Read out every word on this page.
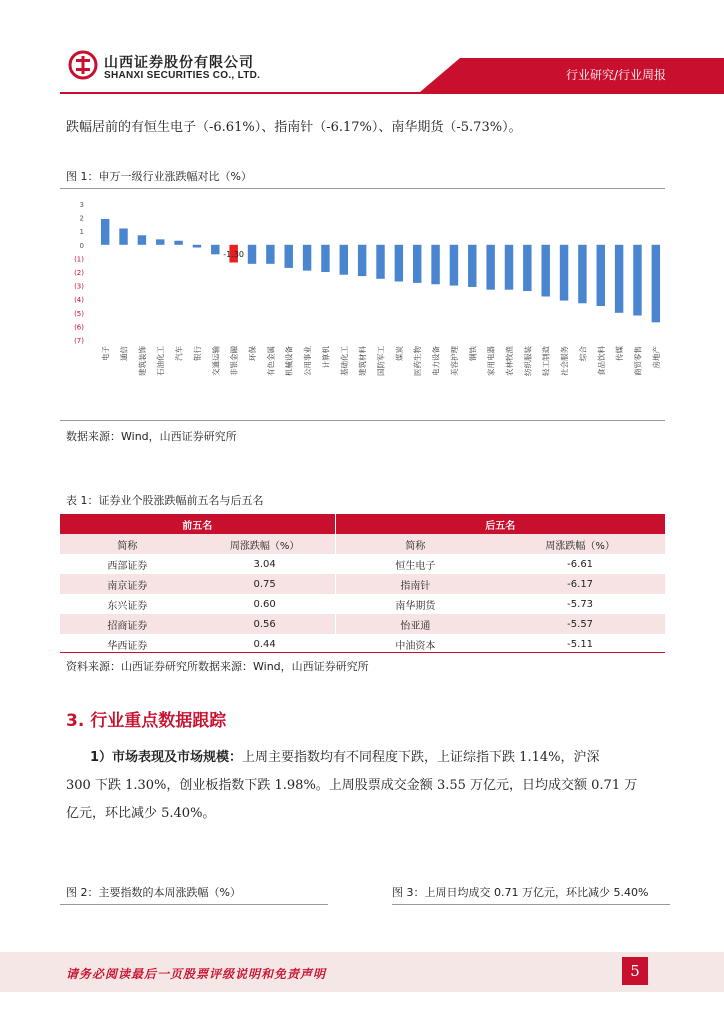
山西证券股份有限公司
SHANXI SECURITIES CO., LTD.	行业研究/行业周报
跌幅居前的有恒生电子（-6.61%）、指南针（-6.17%）、南华期货（-5.73%）。
图 1：申万一级行业涨跌幅对比（%）
3
2
1
0
(1)
(2)
(3)
(4)
(5)
(6)
(7)
电子 通信 建筑装饰 石油化工 汽车 银行 交通运输
-1.30
非银金融 环保 有色金属 机械设备 公用事业 计算机 基础化工 建筑材料 国防军工 煤炭 医药生物 电力设备 美容护理 钢铁 家用电器 农林牧渔 纺织服装 轻工制造 社会服务 综合 食品饮料 传媒 商贸零售 房地产
数据来源：Wind，山西证券研究所
表 1：证券业个股涨跌幅前五名与后五名
前五名		后五名	
简称	周涨跌幅（%）	简称	周涨跌幅（%）
西部证券	3.04	恒生电子	-6.61
南京证券	0.75	指南针	-6.17
东兴证券	0.60	南华期货	-5.73
招商证券	0.56	怡亚通	-5.57
华西证券	0.44	中油资本	-5.11
资料来源：山西证券研究所数据来源：Wind，山西证券研究所
3. 行业重点数据跟踪
1）市场表现及市场规模：上周主要指数均有不同程度下跌，上证综指下跌 1.14%，沪深
300 下跌 1.30%，创业板指数下跌 1.98%。上周股票成交金额 3.55 万亿元，日均成交额 0.71 万
亿元，环比减少 5.40%。
图 2：主要指数的本周涨跌幅（%）	图 3：上周日均成交 0.71 万亿元，环比减少 5.40%
请务必阅读最后一页股票评级说明和免责声明	5
